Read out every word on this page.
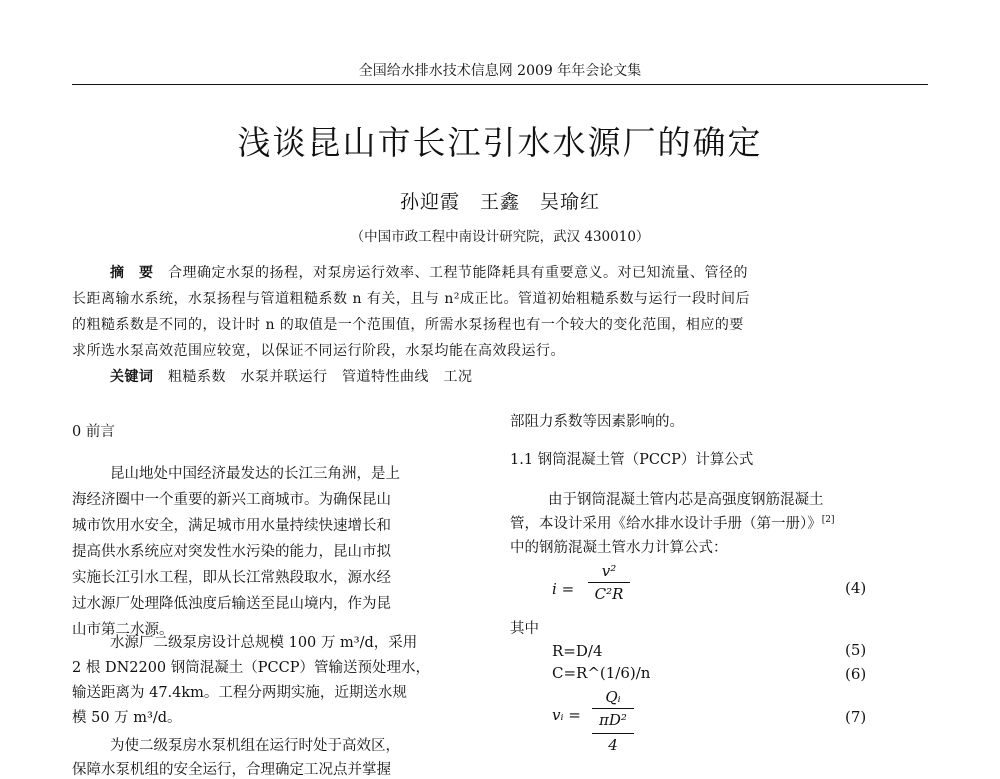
全国给水排水技术信息网 2009 年年会论文集
浅谈昆山市长江引水水源厂的确定
孙迎霞　王鑫　吴瑜红
（中国市政工程中南设计研究院，武汉 430010）
摘　要　 合理确定水泵的扬程，对泵房运行效率、工程节能降耗具有重要意义。对已知流量、管径的
长距离输水系统，水泵扬程与管道粗糙系数 n 有关，且与 n²成正比。管道初始粗糙系数与运行一段时间后
的粗糙系数是不同的，设计时 n 的取值是一个范围值，所需水泵扬程也有一个较大的变化范围，相应的要
求所选水泵高效范围应较宽，以保证不同运行阶段，水泵均能在高效段运行。
关键词　 粗糙系数　水泵并联运行　管道特性曲线　工况
0 前言
昆山地处中国经济最发达的长江三角洲，是上
海经济圈中一个重要的新兴工商城市。为确保昆山
城市饮用水安全，满足城市用水量持续快速增长和
提高供水系统应对突发性水污染的能力，昆山市拟
实施长江引水工程，即从长江常熟段取水，源水经
过水源厂处理降低浊度后输送至昆山境内，作为昆
山市第二水源。
水源厂二级泵房设计总规模 100 万 m³/d，采用
2 根 DN2200 钢筒混凝土（PCCP）管输送预处理水，
输送距离为 47.4km。工程分两期实施，近期送水规
模 50 万 m³/d。
为使二级泵房水泵机组在运行时处于高效区，
保障水泵机组的安全运行，合理确定工况点并掌握
部阻力系数等因素影响的。
1.1 钢筒混凝土管（PCCP）计算公式
由于钢筒混凝土管内芯是高强度钢筋混凝土
管，本设计采用《给水排水设计手册（第一册）》[2]
中的钢筋混凝土管水力计算公式：
i =
v²
C²R	(4)
其中
R=D/4	(5)
C=R^(1/6)/n	(6)
vᵢ =
Qᵢ
πD²
4
(7)
